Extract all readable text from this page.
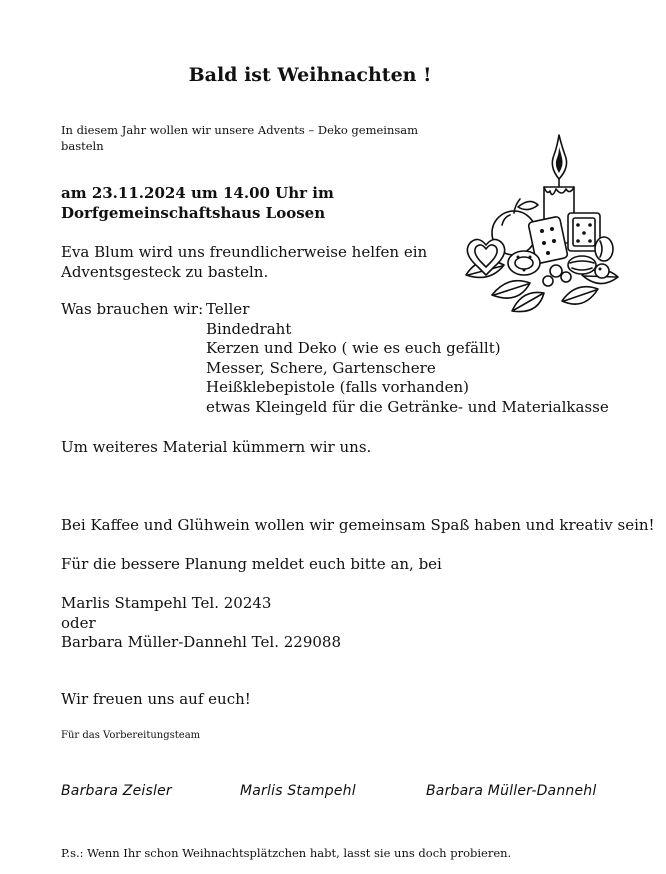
Bald ist Weihnachten !
In diesem Jahr wollen wir unsere Advents – Deko gemeinsam basteln
am 23.11.2024 um 14.00 Uhr im
Dorfgemeinschaftshaus Loosen
Eva Blum wird uns freundlicherweise helfen ein
Adventsgesteck zu basteln.
Was brauchen wir: Teller
Bindedraht
Kerzen und Deko ( wie es euch gefällt)
Messer, Schere, Gartenschere
Heißklebepistole (falls vorhanden)
etwas Kleingeld für die Getränke- und Materialkasse
Um weiteres Material kümmern wir uns.
Bei Kaffee und Glühwein wollen wir gemeinsam Spaß haben und kreativ sein!
Für die bessere Planung meldet euch bitte an, bei
Marlis Stampehl Tel. 20243
oder
Barbara Müller-Dannehl Tel. 229088
Wir freuen uns auf euch!
Für das Vorbereitungsteam
Barbara Zeisler	Marlis Stampehl	Barbara Müller-Dannehl
P.s.: Wenn Ihr schon Weihnachtsplätzchen habt, lasst sie uns doch probieren.
